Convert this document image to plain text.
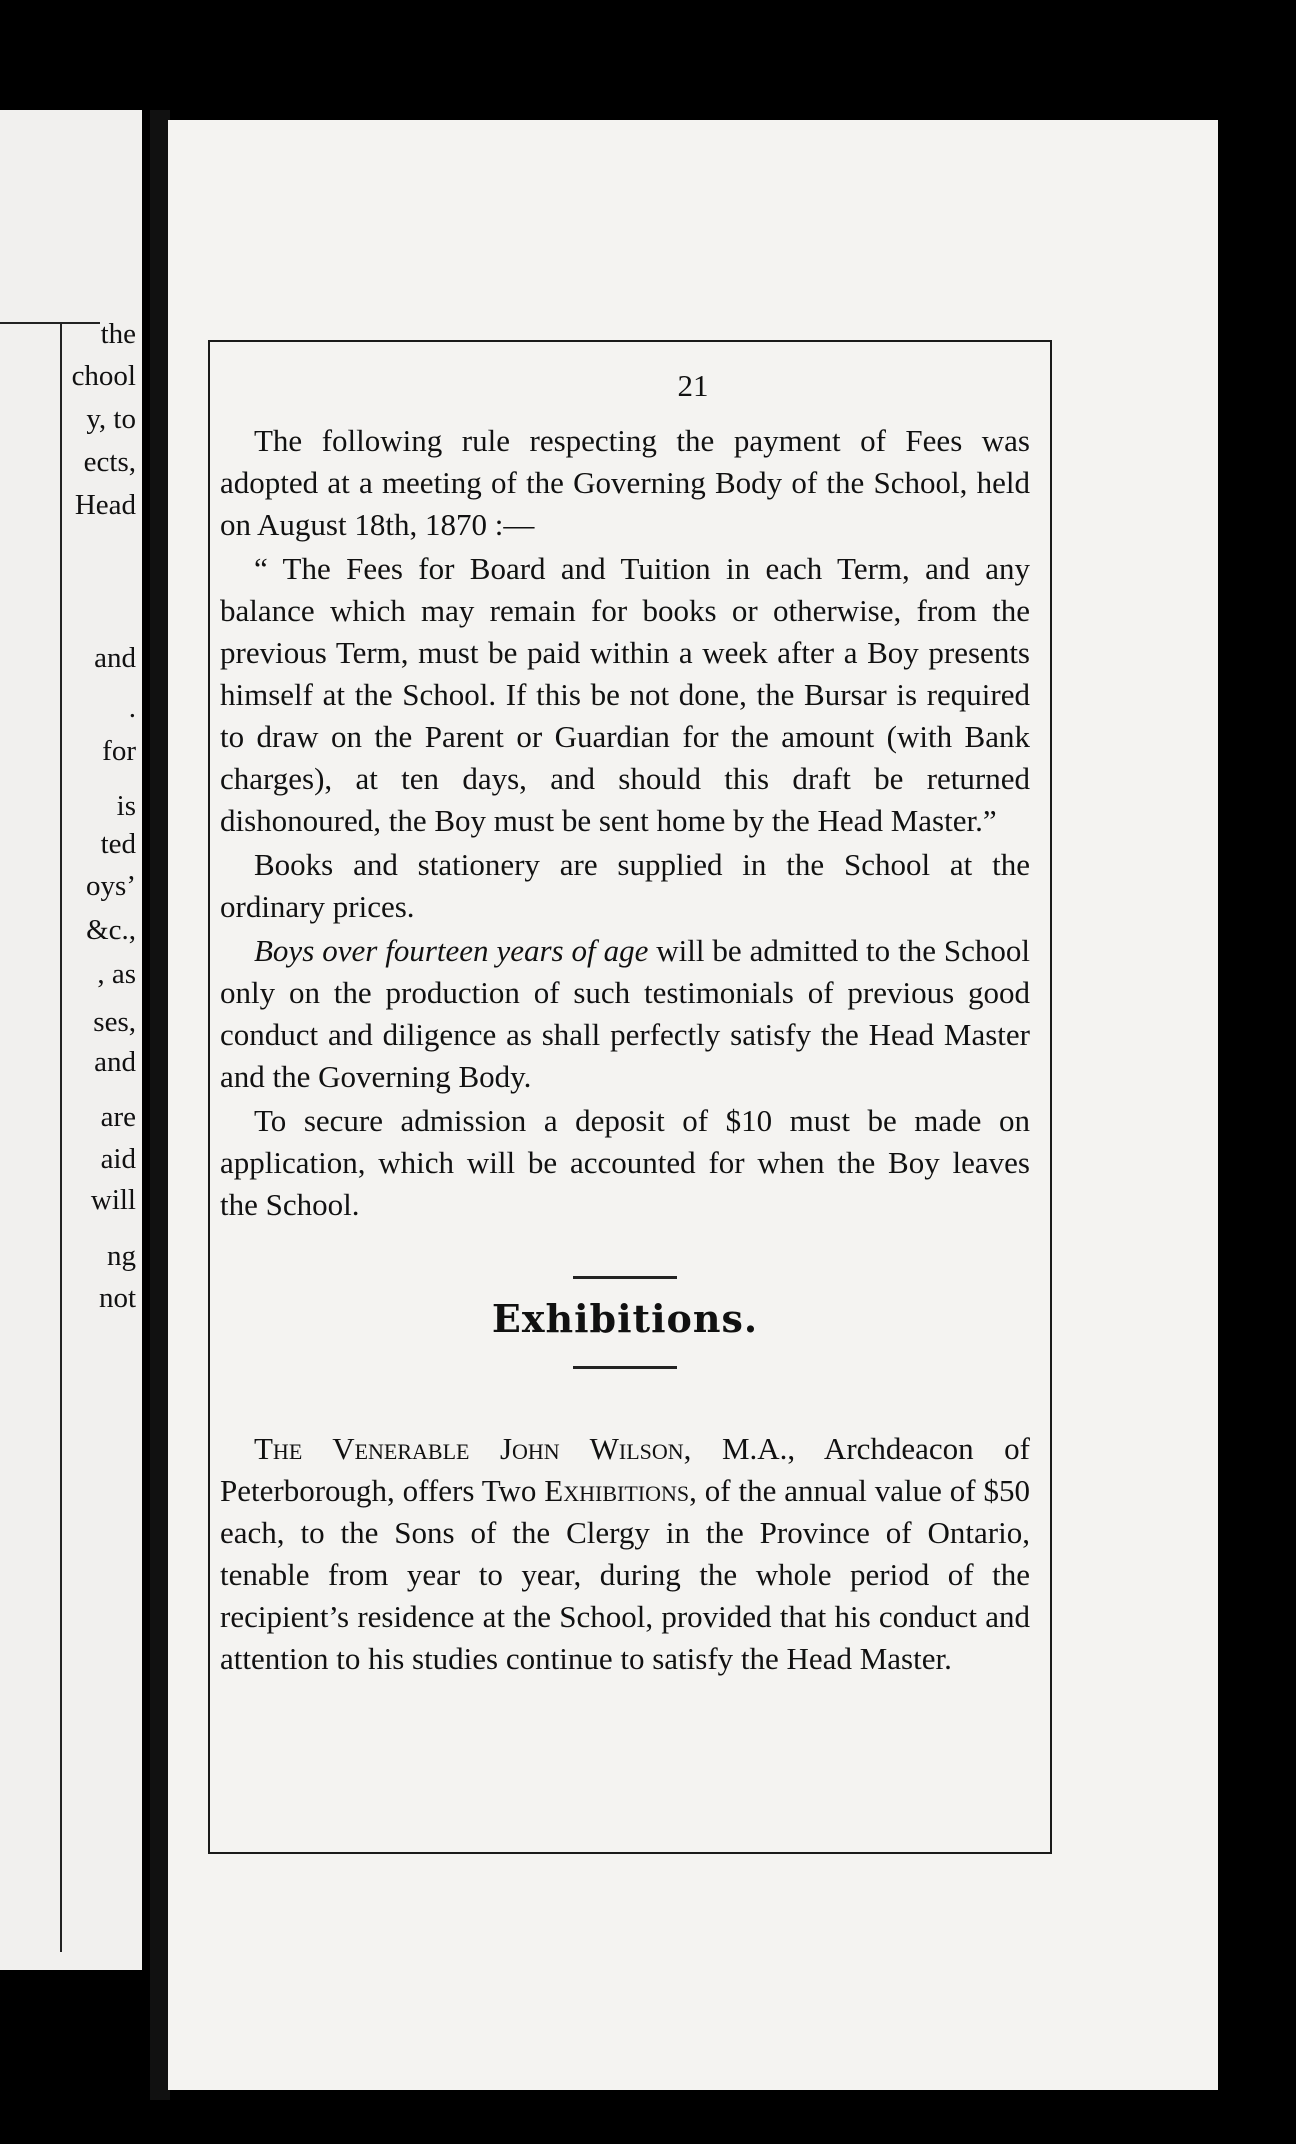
the
chool
y, to
ects,
Head
and
.
for
is
ted
oys’
&c.,
, as
ses,
and
are
aid
will
ng
not
21

The following rule respecting the payment of Fees was adopted at a meeting of the Governing Body of the School, held on August 18th, 1870 :—

“ The Fees for Board and Tuition in each Term, and any balance which may remain for books or otherwise, from the previous Term, must be paid within a week after a Boy presents himself at the School. If this be not done, the Bursar is required to draw on the Parent or Guardian for the amount (with Bank charges), at ten days, and should this draft be returned dishonoured, the Boy must be sent home by the Head Master.”

Books and stationery are supplied in the School at the ordinary prices.

Boys over fourteen years of age will be admitted to the School only on the production of such testimonials of previous good conduct and diligence as shall perfectly satisfy the Head Master and the Governing Body.

To secure admission a deposit of $10 must be made on application, which will be accounted for when the Boy leaves the School.

Exhibitions.

The Venerable John Wilson, M.A., Archdeacon of Peterborough, offers Two Exhibitions, of the annual value of $50 each, to the Sons of the Clergy in the Province of Ontario, tenable from year to year, during the whole period of the recipient’s residence at the School, provided that his conduct and attention to his studies continue to satisfy the Head Master.
